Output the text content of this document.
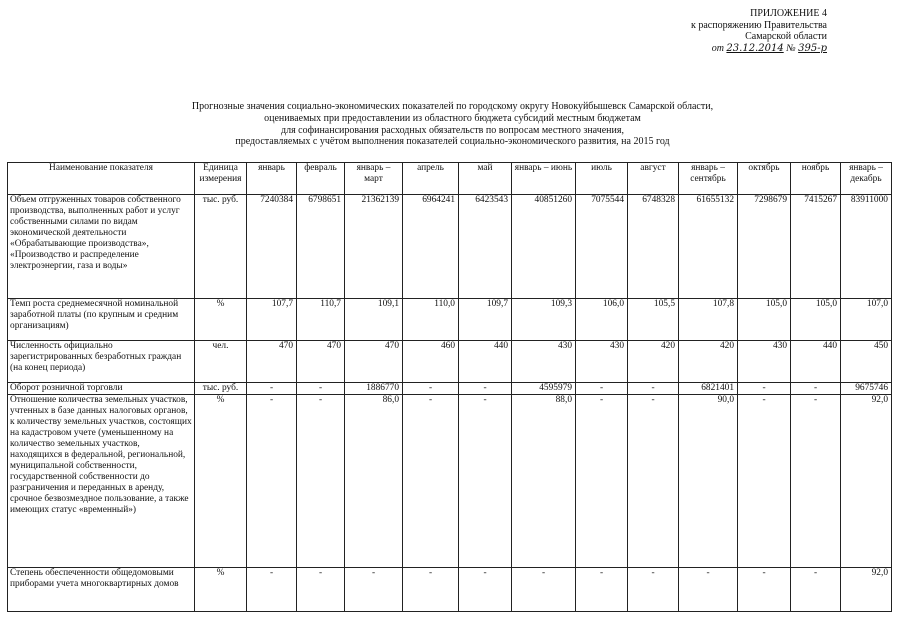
ПРИЛОЖЕНИЕ 4
к распоряжению Правительства
Самарской области
от 23.12.2014 № 395-р
Прогнозные значения социально-экономических показателей по городскому округу Новокуйбышевск Самарской области,
оцениваемых при предоставлении из областного бюджета субсидий местным бюджетам
для софинансирования расходных обязательств по вопросам местного значения,
предоставляемых с учётом выполнения показателей социально-экономического развития, на 2015 год
Наименование показателя	Единица измерения	январь	февраль	январь – март	апрель	май	январь – июнь	июль	август	январь – сентябрь	октябрь	ноябрь	январь – декабрь
Объем отгруженных товаров собственного производства, выполненных работ и услуг собственными силами по видам экономической деятельности «Обрабатывающие производства», «Производство и распределение электроэнергии, газа и воды»	тыс. руб.	7240384	6798651	21362139	6964241	6423543	40851260	7075544	6748328	61655132	7298679	7415267	83911000
Темп роста среднемесячной номинальной заработной платы (по крупным и средним организациям)	%	107,7	110,7	109,1	110,0	109,7	109,3	106,0	105,5	107,8	105,0	105,0	107,0
Численность официально зарегистрированных безработных граждан (на конец периода)	чел.	470	470	470	460	440	430	430	420	420	430	440	450
Оборот розничной торговли	тыс. руб.	-	-	1886770	-	-	4595979	-	-	6821401	-	-	9675746
Отношение количества земельных участков, учтенных в базе данных налоговых органов, к количеству земельных участков, состоящих на кадастровом учете (уменьшенному на количество земельных участков, находящихся в федеральной, региональной, муниципальной собственности, государственной собственности до разграничения и переданных в аренду, срочное безвозмездное пользование, а также имеющих статус «временный»)	%	-	-	86,0	-	-	88,0	-	-	90,0	-	-	92,0
Степень обеспеченности общедомовыми приборами учета многоквартирных домов	%	-	-	-	-	-	-	-	-	-	-	-	92,0
